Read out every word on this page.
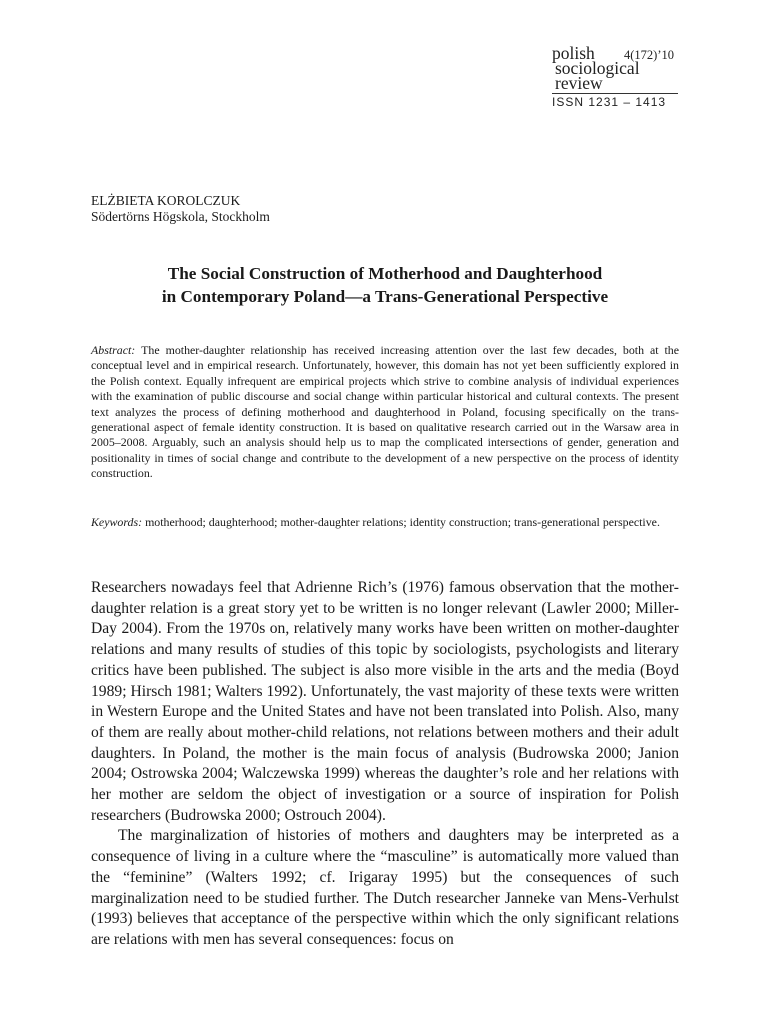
polish	4(172)’10
sociological
review
ISSN 1231 – 1413
ELŻBIETA KOROLCZUK
Södertörns Högskola, Stockholm
The Social Construction of Motherhood and Daughterhood
in Contemporary Poland—a Trans-Generational Perspective
Abstract: The mother-daughter relationship has received increasing attention over the last few decades, both at the conceptual level and in empirical research. Unfortunately, however, this domain has not yet been sufficiently explored in the Polish context. Equally infrequent are empirical projects which strive to combine analysis of individual experiences with the examination of public discourse and social change within particular historical and cultural contexts. The present text analyzes the process of defining motherhood and daughterhood in Poland, focusing specifically on the trans-generational aspect of female identity construction. It is based on qualitative research carried out in the Warsaw area in 2005–2008. Arguably, such an analysis should help us to map the complicated intersections of gender, generation and positionality in times of social change and contribute to the development of a new perspective on the process of identity construction.
Keywords: motherhood; daughterhood; mother-daughter relations; identity construction; trans-generational perspective.

Researchers nowadays feel that Adrienne Rich’s (1976) famous observation that the mother-daughter relation is a great story yet to be written is no longer relevant (Lawler 2000; Miller-Day 2004). From the 1970s on, relatively many works have been written on mother-daughter relations and many results of studies of this topic by sociologists, psychologists and literary critics have been published. The subject is also more visible in the arts and the media (Boyd 1989; Hirsch 1981; Walters 1992). Unfortunately, the vast majority of these texts were written in Western Europe and the United States and have not been translated into Polish. Also, many of them are really about mother-child relations, not relations between mothers and their adult daughters. In Poland, the mother is the main focus of analysis (Budrowska 2000; Janion 2004; Ostrowska 2004; Walczewska 1999) whereas the daughter’s role and her relations with her mother are seldom the object of investigation or a source of inspiration for Polish researchers (Budrowska 2000; Ostrouch 2004).

The marginalization of histories of mothers and daughters may be interpreted as a consequence of living in a culture where the “masculine” is automatically more valued than the “feminine” (Walters 1992; cf. Irigaray 1995) but the consequences of such marginalization need to be studied further. The Dutch researcher Janneke van Mens-Verhulst (1993) believes that acceptance of the perspective within which the only significant relations are relations with men has several consequences: focus on
